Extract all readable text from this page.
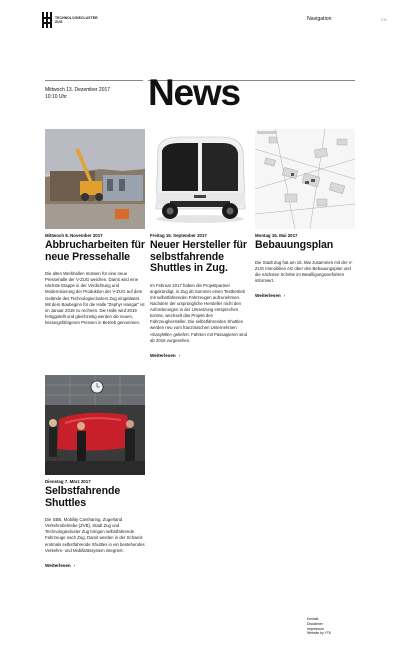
TECHNOLOGIECLUSTER ZUG	Navigation	EN
Mittwoch 13. Dezember 2017
10:10 Uhr	News
Mittwoch 8. November 2017
Abbrucharbeiten für neue Pressehalle
Die alten Werkhallen müssen für eine neue Pressehalle der V-ZUG weichen. Damit wird eine nächste Etappe in der Verdichtung und Modernisierung der Produktion der V-ZUG auf dem Gelände des Technologieclusters Zug eingeläutet. Mit dem Baubeginn für die Halle "Zephyr Hangar" ist im Januar 2018 zu rechnen. Die Halle wird 2019 fertiggstellt und gleichzeitig werden die neuen, leistungsfähigeren Pressen in Betrieb genommen.
Freitag 15. September 2017
Neuer Hersteller für selbstfahrende Shuttles in Zug.
Im Februar 2017 haben die Projektpartner angekündigt, in Zug ab Sommer einen Testbetrieb mit selbstfahrenden Fahrzeugen aufzunehmen. Nachdem der ursprüngliche Hersteller nicht den Anforderungen in der Umsetzung entsprechen konnte, wechselt das Projekt den Fahrzeughersteller. Die selbstfahrenden Shuttles werden neu vom französischen Unternehmen «EasyMile» geliefert. Fahrten mit Passagieren sind ab 2018 vorgesehen.
Weiterlesen ›
Montag 15. Mai 2017
Bebauungsplan
Die Stadt Zug hat am 15. Mai zusammen mit der V-ZUG Immobilien AG über den Bebauungsplan und die nächsten Schritte im Bewilligungsverfahren informiert.
Weiterlesen ›
Dienstag 7. März 2017
Selbstfahrende Shuttles
Die SBB, Mobility Carsharing, Zugerland Verkehrsbetriebe (ZVB), Stadt Zug und Technologiecluster Zug bringen selbstfahrende Fahrzeuge nach Zug. Damit werden in der Schweiz erstmals selbstfahrende Shuttles in ein bestehendes Verkehrs- und Mobilitätssystem integriert.
Weiterlesen ›
Kontakt
Disclaimer
Impressum
Website by YTK
